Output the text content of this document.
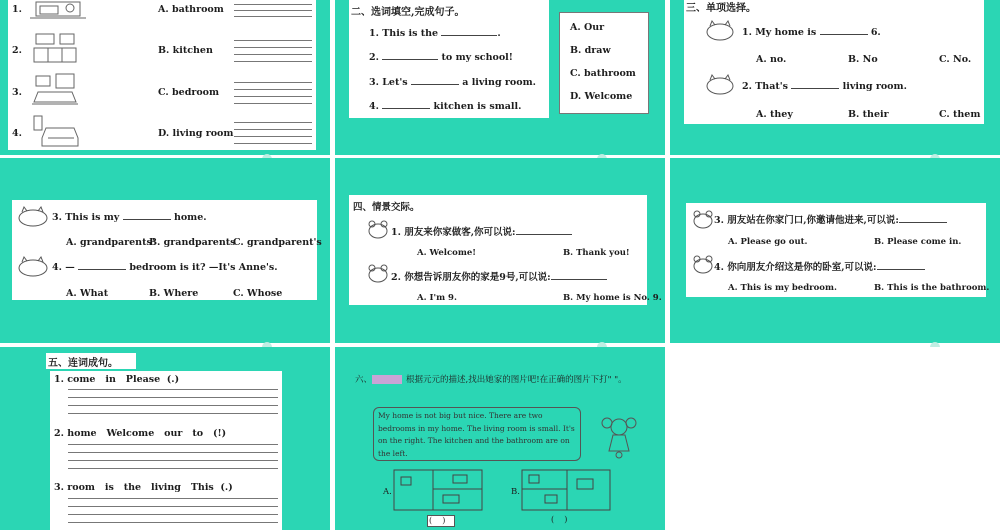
1.	A. bathroom
2.	B. kitchen
3.	C. bedroom
4.	D. living room
二、选词填空,完成句子。
1. This is the	.
2.	to my school!
3. Let's	a living room.
4.	kitchen is small.
A. Our
B. draw
C. bathroom
D. Welcome
三、单项选择。
1. My home is	6.
A. no.	B. No	C. No.
2. That's	living room.
A. they	B. their	C. them
3. This is my	home.
A. grandparents'
B. grandparents
C. grandparent's
4. —	bedroom is it? —It's Anne's.
A. What	B. Where	C. Whose
四、情景交际。
1. 朋友来你家做客,你可以说:
A. Welcome!	B. Thank you!
2. 你想告诉朋友你的家是9号,可以说:
A. I'm 9.	B. My home is No. 9.
3. 朋友站在你家门口,你邀请他进来,可以说:
A. Please go out.	B. Please come in.
4. 你向朋友介绍这是你的卧室,可以说:
A. This is my bedroom.	B. This is the bathroom.
五、连词成句。
1. come   in   Please  (.)
2. home   Welcome   our   to   (!)
3. room   is   the   living   This  (.)
六、	根据元元的描述,找出她家的图片吧!在正确的图片下打" "。
My home is not big but nice. There are two bedrooms in my home. The living room is small. It's on the right. The kitchen and the bathroom are on the left.
A.	B.
(    )	(    )
